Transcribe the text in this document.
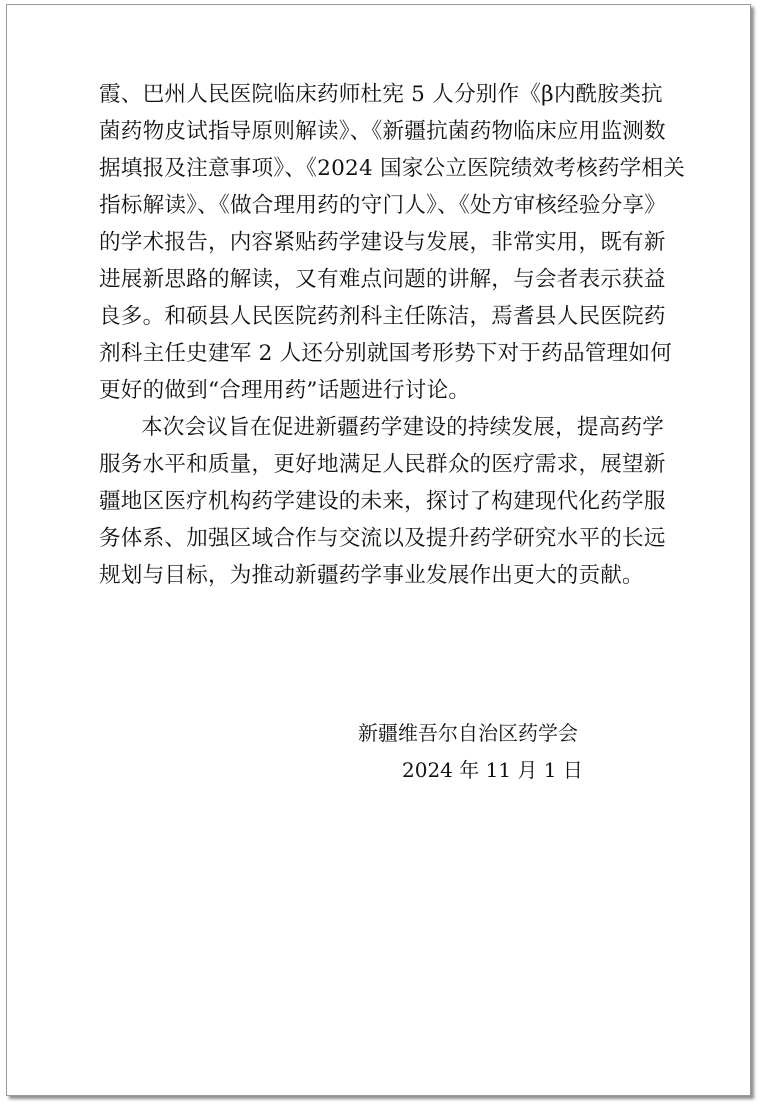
霞、巴州人民医院临床药师杜宪 5 人分别作《β内酰胺类抗
菌药物皮试指导原则解读》、《新疆抗菌药物临床应用监测数
据填报及注意事项》、《2024 国家公立医院绩效考核药学相关
指标解读》、《做合理用药的守门人》、《处方审核经验分享》
的学术报告，内容紧贴药学建设与发展，非常实用，既有新
进展新思路的解读，又有难点问题的讲解，与会者表示获益
良多。和硕县人民医院药剂科主任陈洁，焉耆县人民医院药
剂科主任史建军 2 人还分别就国考形势下对于药品管理如何
更好的做到“合理用药”话题进行讨论。
本次会议旨在促进新疆药学建设的持续发展，提高药学
服务水平和质量，更好地满足人民群众的医疗需求，展望新
疆地区医疗机构药学建设的未来，探讨了构建现代化药学服
务体系、加强区域合作与交流以及提升药学研究水平的长远
规划与目标，为推动新疆药学事业发展作出更大的贡献。
新疆维吾尔自治区药学会
2024 年 11 月 1 日
